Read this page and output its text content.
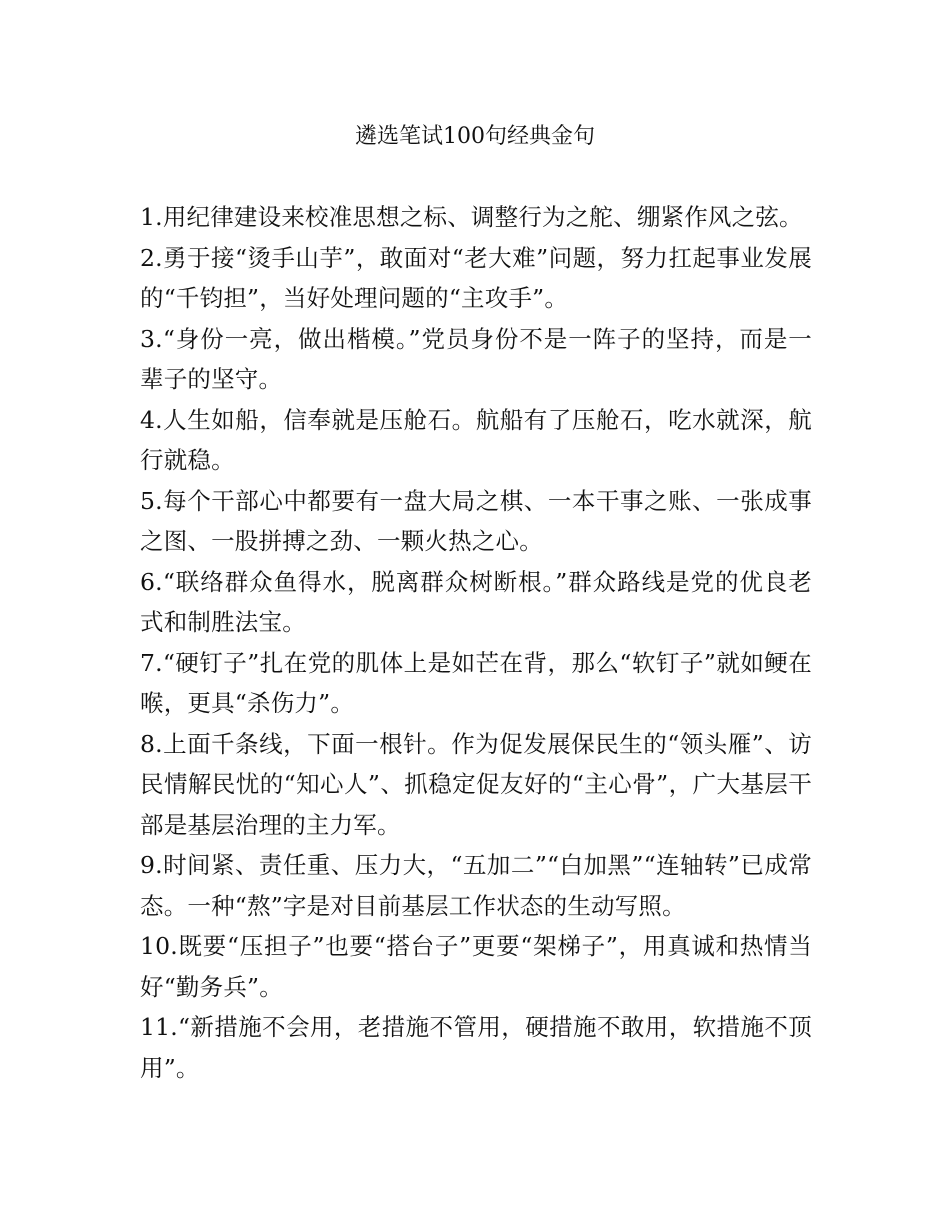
遴选笔试100句经典金句

1.用纪律建设来校准思想之标、调整行为之舵、绷紧作风之弦。

2.勇于接“烫手山芋”，敢面对“老大难”问题，努力扛起事业发展的“千钧担”，当好处理问题的“主攻手”。

3.“身份一亮，做出楷模。”党员身份不是一阵子的坚持，而是一辈子的坚守。

4.人生如船，信奉就是压舱石。航船有了压舱石，吃水就深，航行就稳。

5.每个干部心中都要有一盘大局之棋、一本干事之账、一张成事之图、一股拼搏之劲、一颗火热之心。

6.“联络群众鱼得水，脱离群众树断根。”群众路线是党的优良老式和制胜法宝。

7.“硬钉子”扎在党的肌体上是如芒在背，那么“软钉子”就如鲠在喉，更具“杀伤力”。

8.上面千条线，下面一根针。作为促发展保民生的“领头雁”、访民情解民忧的“知心人”、抓稳定促友好的“主心骨”，广大基层干部是基层治理的主力军。

9.时间紧、责任重、压力大，“五加二”“白加黑”“连轴转”已成常态。一种“熬”字是对目前基层工作状态的生动写照。

10.既要“压担子”也要“搭台子”更要“架梯子”，用真诚和热情当好“勤务兵”。

11.“新措施不会用，老措施不管用，硬措施不敢用，软措施不顶用”。
